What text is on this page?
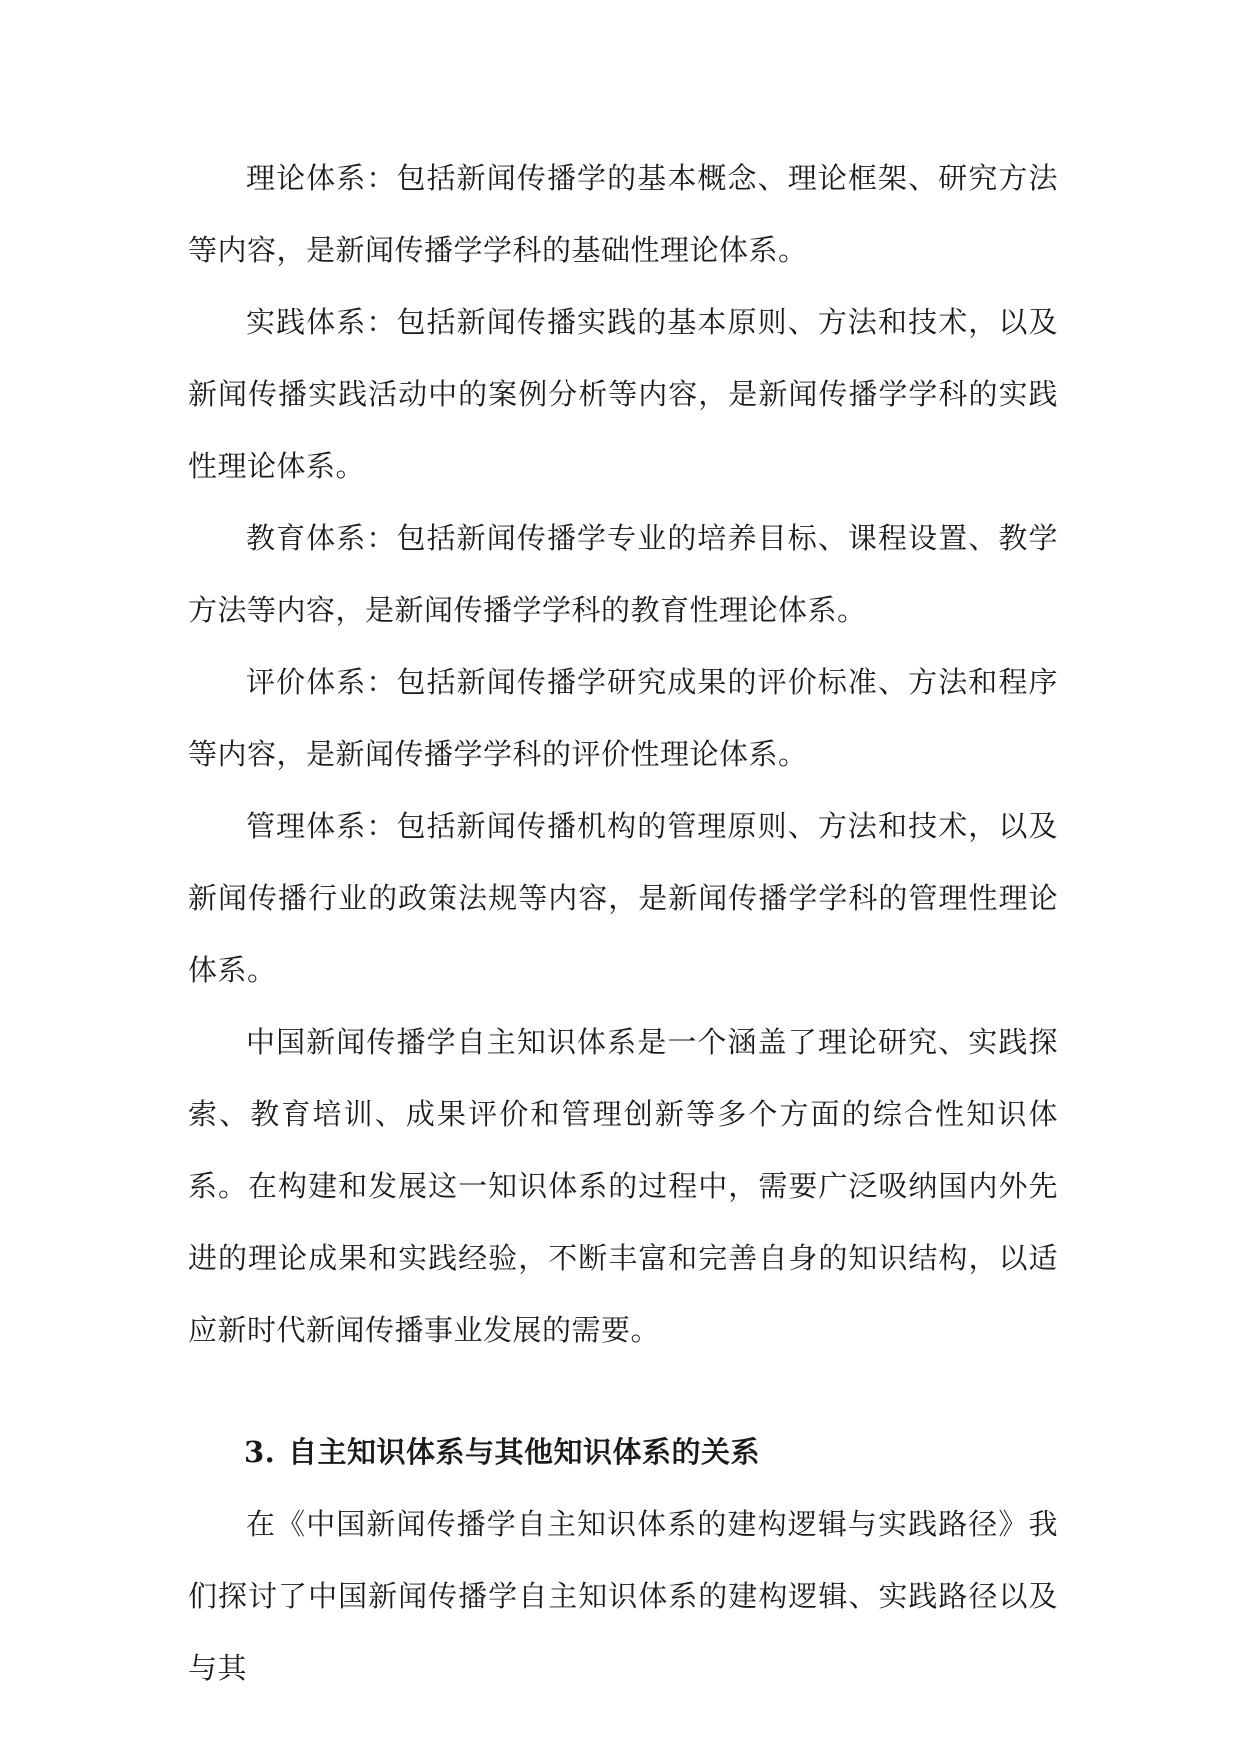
理论体系：包括新闻传播学的基本概念、理论框架、研究方法等内容，是新闻传播学学科的基础性理论体系。

实践体系：包括新闻传播实践的基本原则、方法和技术，以及新闻传播实践活动中的案例分析等内容，是新闻传播学学科的实践性理论体系。

教育体系：包括新闻传播学专业的培养目标、课程设置、教学方法等内容，是新闻传播学学科的教育性理论体系。

评价体系：包括新闻传播学研究成果的评价标准、方法和程序等内容，是新闻传播学学科的评价性理论体系。

管理体系：包括新闻传播机构的管理原则、方法和技术，以及新闻传播行业的政策法规等内容，是新闻传播学学科的管理性理论体系。

中国新闻传播学自主知识体系是一个涵盖了理论研究、实践探索、教育培训、成果评价和管理创新等多个方面的综合性知识体系。在构建和发展这一知识体系的过程中，需要广泛吸纳国内外先进的理论成果和实践经验，不断丰富和完善自身的知识结构，以适应新时代新闻传播事业发展的需要。

3. 自主知识体系与其他知识体系的关系

在《中国新闻传播学自主知识体系的建构逻辑与实践路径》我们探讨了中国新闻传播学自主知识体系的建构逻辑、实践路径以及与其
